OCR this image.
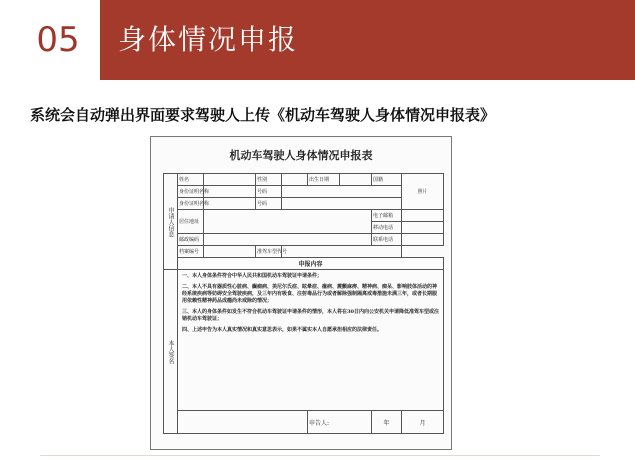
05	身体情况申报
系统会自动弹出界面要求驾驶人上传《机动车驾驶人身体情况申报表》
机动车驾驶人身体情况申报表
申请人信息	姓名		性别		出生日期		国籍	照片	
	身份证明名称		号码						
	身份证明名称		号码						
	居住地址						电子邮箱		
							移动电话		
	邮政编码						联系电话		
	档案编号		准驾车型代号						
	申报内容								
本人签名	一、本人身体条件符合中华人民共和国机动车驾驶证申请条件；

二、本人不具有器质性心脏病、癫痫病、美尼尔氏症、眩晕症、癔病、震颤麻痹、精神病、痴呆、影响肢体活动的神经系统疾病等妨碍安全驾驶疾病，及三年内有吸食、注射毒品行为或者解除强制隔离戒毒措施未满三年，或者长期服用依赖性精神药品成瘾尚未戒除的情况；

三、本人的身体条件如发生不符合机动车驾驶证申请条件的情形，本人将在30日内向公安机关申请降低准驾车型或注销机动车驾驶证；

四、上述申告为本人真实情况和真实意思表示，如果不属实本人自愿承担相应的法律责任。								

					申告人:		年	月	
